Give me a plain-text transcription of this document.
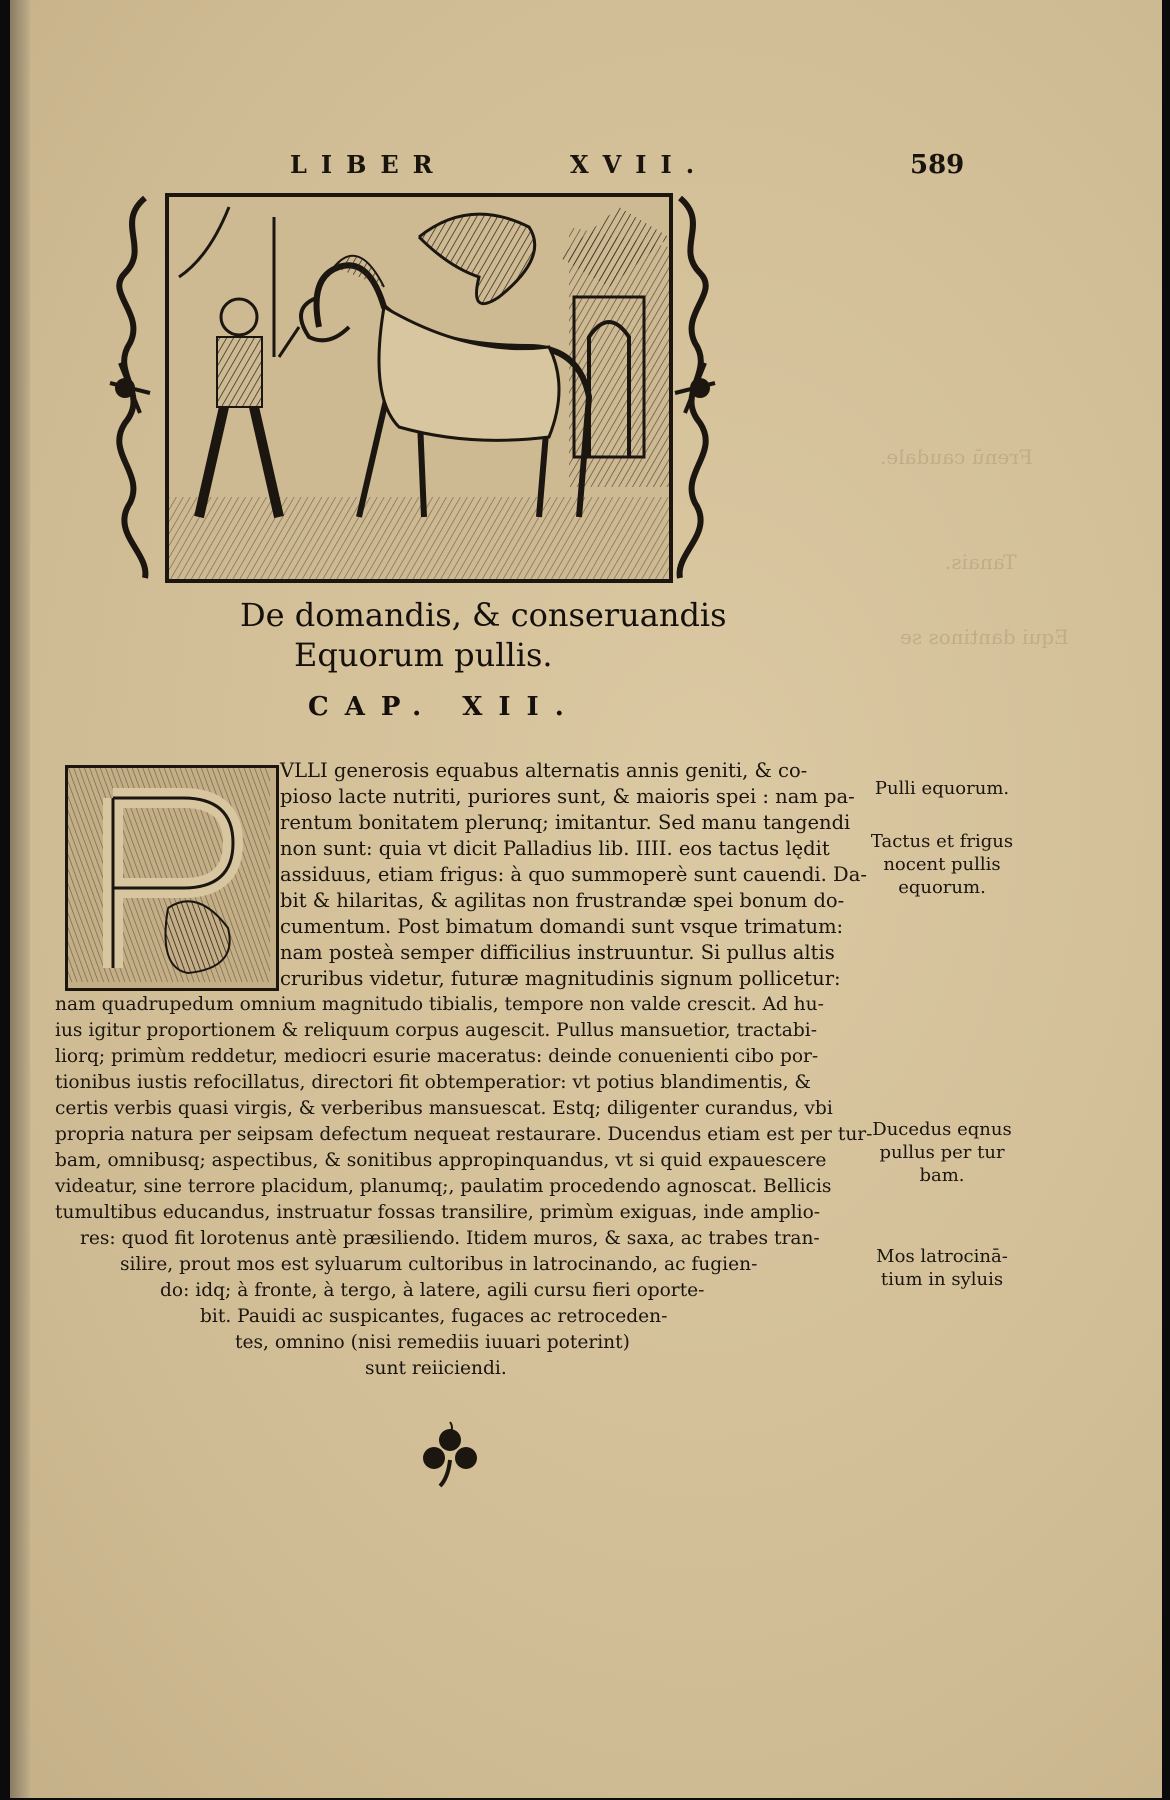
Frenū caudale.
Tanais.
Equi dantinos se
LIBER	XVII.	589
De domandis, & conseruandis
Equorum pullis.
CAP. XII.
VLLI generosis equabus alternatis annis geniti, & co-
pioso lacte nutriti, puriores sunt, & maioris spei : nam pa-
rentum bonitatem plerunq; imitantur. Sed manu tangendi
non sunt: quia vt dicit Palladius lib. IIII. eos tactus lędit
assiduus, etiam frigus: à quo summoperè sunt cauendi. Da-
bit & hilaritas, & agilitas non frustrandæ spei bonum do-
cumentum. Post bimatum domandi sunt vsque trimatum:
nam posteà semper difficilius instruuntur. Si pullus altis
cruribus videtur, futuræ magnitudinis signum pollicetur:
nam quadrupedum omnium magnitudo tibialis, tempore non valde crescit. Ad hu-
ius igitur proportionem & reliquum corpus augescit. Pullus mansuetior, tractabi-
liorq; primùm reddetur, mediocri esurie maceratus: deinde conuenienti cibo por-
tionibus iustis refocillatus, directori fit obtemperatior: vt potius blandimentis, &
certis verbis quasi virgis, & verberibus mansuescat. Estq; diligenter curandus, vbi
propria natura per seipsam defectum nequeat restaurare. Ducendus etiam est per tur-
bam, omnibusq; aspectibus, & sonitibus appropinquandus, vt si quid expauescere
videatur, sine terrore placidum, planumq;, paulatim procedendo agnoscat. Bellicis
tumultibus educandus, instruatur fossas transilire, primùm exiguas, inde amplio-
res: quod fit lorotenus antè præsiliendo. Itidem muros, & saxa, ac trabes tran-
silire, prout mos est syluarum cultoribus in latrocinando, ac fugien-
do: idq; à fronte, à tergo, à latere, agili cursu fieri oporte-
bit. Pauidi ac suspicantes, fugaces ac retroceden-
tes, omnino (nisi remediis iuuari poterint)
sunt reiiciendi.
Pulli equorum.
Tactus et frigus
nocent pullis
equorum.
Ducedus eqnus
pullus per tur
bam.
Mos latrocinā-
tium in syluis
